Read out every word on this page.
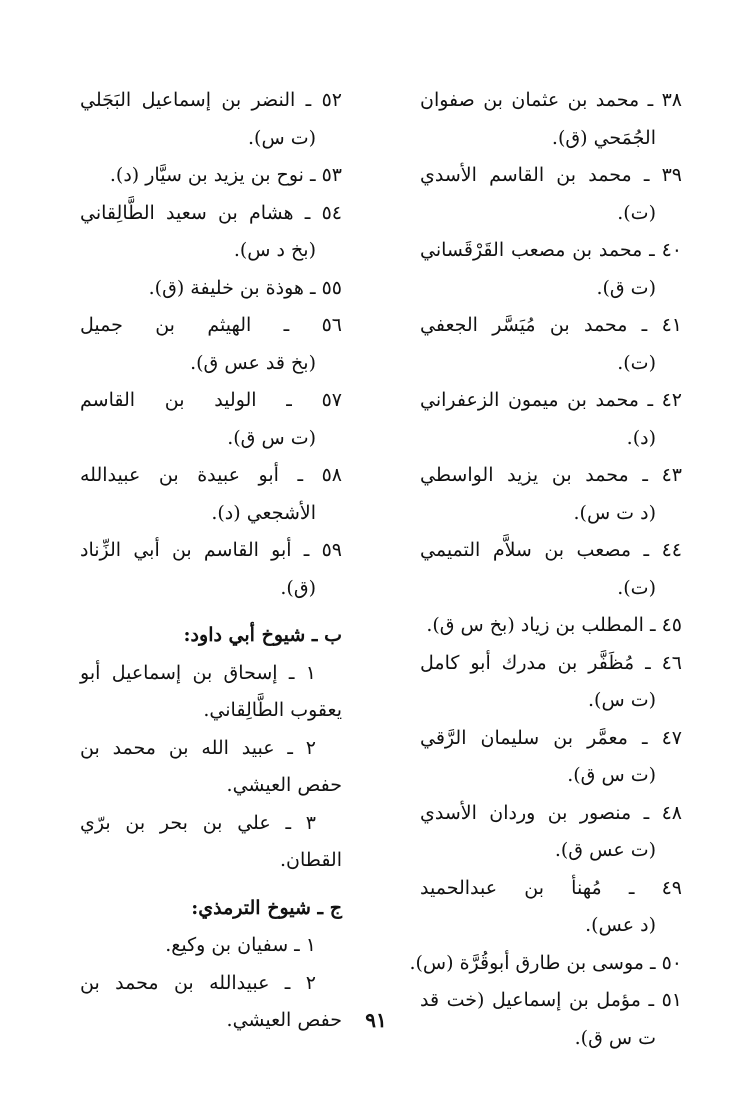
٣٨ ـ محمد بن عثمان بن صفوان
الجُمَحي (ق).
٣٩ ـ محمد بن القاسم الأسدي
(ت).
٤٠ ـ محمد بن مصعب القَرْقَساني
(ت ق).
٤١ ـ محمد بن مُيَسَّر الجعفي
(ت).
٤٢ ـ محمد بن ميمون الزعفراني
(د).
٤٣ ـ محمد بن يزيد الواسطي
(د ت س).
٤٤ ـ مصعب بن سلاَّم التميمي
(ت).
٤٥ ـ المطلب بن زياد (بخ س ق).
٤٦ ـ مُظَفَّر بن مدرك أبو كامل
(ت س).
٤٧ ـ معمَّر بن سليمان الرَّقي
(ت س ق).
٤٨ ـ منصور بن وردان الأسدي
(ت عس ق).
٤٩ ـ مُهنأ بن عبدالحميد
(د عس).
٥٠ ـ موسى بن طارق أبوقُرَّة (س).
٥١ ـ مؤمل بن إسماعيل (خت قد
ت س ق).
٥٢ ـ النضر بن إسماعيل البَجَلي
(ت س).
٥٣ ـ نوح بن يزيد بن سيَّار (د).
٥٤ ـ هشام بن سعيد الطَّالِقاني
(بخ د س).
٥٥ ـ هوذة بن خليفة (ق).
٥٦ ـ الهيثم بن جميل
(بخ قد عس ق).
٥٧ ـ الوليد بن القاسم
(ت س ق).
٥٨ ـ أبو عبيدة بن عبيدالله
الأشجعي (د).
٥٩ ـ أبو القاسم بن أبي الزِّناد
(ق).
ب ـ شيوخ أبي داود:
١ ـ إسحاق بن إسماعيل أبو
يعقوب الطَّالِقاني.
٢ ـ عبيد الله بن محمد بن
حفص العيشي.
٣ ـ علي بن بحر بن برّي
القطان.
ج ـ شيوخ الترمذي:
١ ـ سفيان بن وكيع.
٢ ـ عبيدالله بن محمد بن
حفص العيشي.	٩١
